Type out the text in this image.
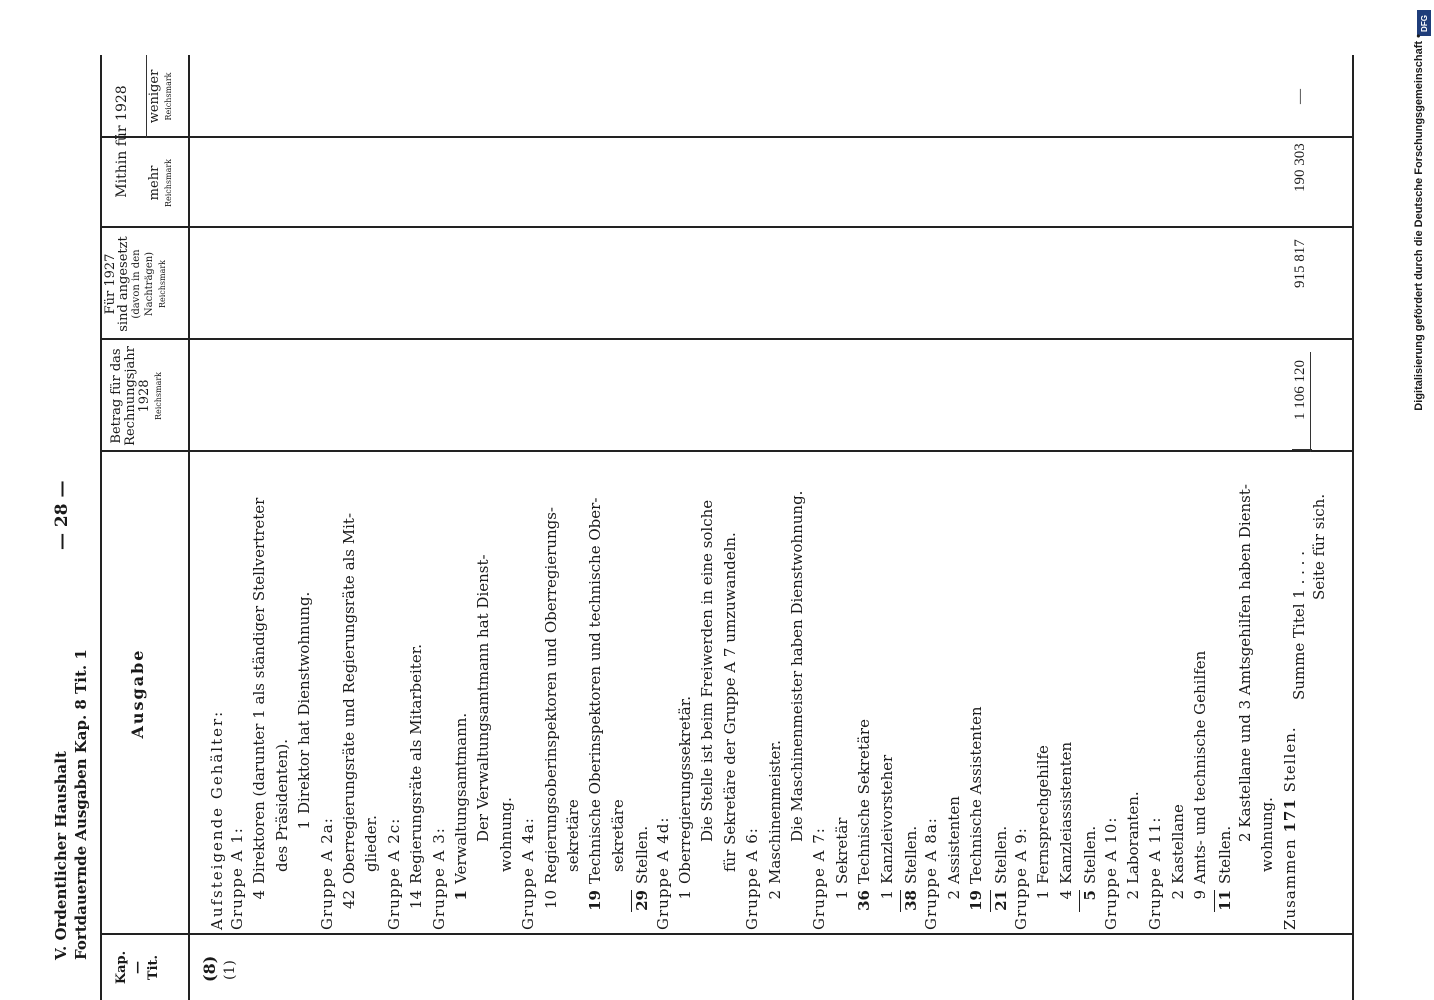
V. Ordentlicher Haushalt Fortdauernde Ausgaben Kap. 8 Tit. 1
— 28 —
Kap. — Tit.
Ausgabe
Betrag für das Rechnungsjahr 1928 Reichsmark
Für 1927
sind angesetzt (davon in den Nachträgen) Reichsmark
Mithin für 1928 mehr Reichsmark
weniger Reichsmark
(8) (1)
Aufsteigende Gehälter: Gruppe A 1: 4Direktoren (darunter 1 als ständiger Stellvertreter des Präsidenten). 1Direktor hat Dienstwohnung.
Gruppe A 2a: 42Oberregierungsräte und Regierungsräte als Mit- glieder. Gruppe A 2c: 14Regierungsräte als Mitarbeiter. Gruppe A 3: 1Verwaltungsamtmann. Der Verwaltungsamtmann hat Dienst- wohnung. Gruppe A 4a: 10Regierungsoberinspektoren und Oberregierungs- sekretäre
19Technische Oberinspektoren und technische Ober- sekretäre
29Stellen. Gruppe A 4d: 1Oberregierungssekretär. Die Stelle ist beim Freiwerden in eine solche für Sekretäre der Gruppe A 7 umzuwandeln.
Gruppe A 6: 2Maschinenmeister. Die Maschinenmeister haben Dienstwohnung.
Gruppe A 7: 1Sekretär
36Technische Sekretäre
1Kanzleivorsteher
38Stellen. Gruppe A 8a: 2Assistenten
19Technische Assistenten
21Stellen. Gruppe A 9: 1Fernsprechgehilfe
4Kanzleiassistenten
5Stellen. Gruppe A 10: 2Laboranten. Gruppe A 11: 2Kastellane
9Amts- und technische Gehilfen
11Stellen.
2 Kastellane und 3 Amtsgehilfen haben Dienst- wohnung. Zusammen 171 Stellen.
Summe Titel 1 . . . .
Seite für sich.
1 106 120
915 817
190 303
—
DFG
Digitalisierung gefördert durch die Deutsche Forschungsgemeinschaft •
